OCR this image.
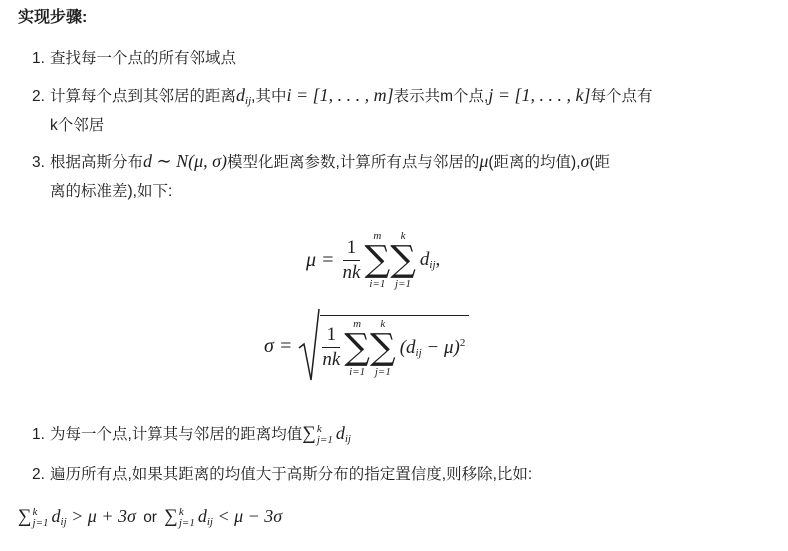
实现步骤:
1. 查找每一个点的所有邻域点
2. 计算每个点到其邻居的距离$d_{ij}$,其中i = [1, . . . , m]表示共m个点,j = [1, . . . , k]每个点有
k个邻居
3. 根据高斯分布d ∼ N(μ, σ)模型化距离参数,计算所有点与邻居的μ(距离的均值),σ(距
离的标准差),如下:
$\mu = \frac{1}{nk}$
m
∑
i=1
k
∑
j=1
$d_{ij}$,
$\sigma = \frac{1}{nk}$
m
∑
i=1
k
∑
j=1
$(d_{ij} - \mu)^2$
1. 为每一个点,计算其与邻居的距离均值∑ k
j=1 $d_{ij}$
2. 遍历所有点,如果其距离的均值大于高斯分布的指定置信度,则移除,比如:
∑ k
j=1 $d_{ij} > \mu + 3\sigma$ or ∑ k
j=1 $d_{ij} < \mu - 3\sigma$
